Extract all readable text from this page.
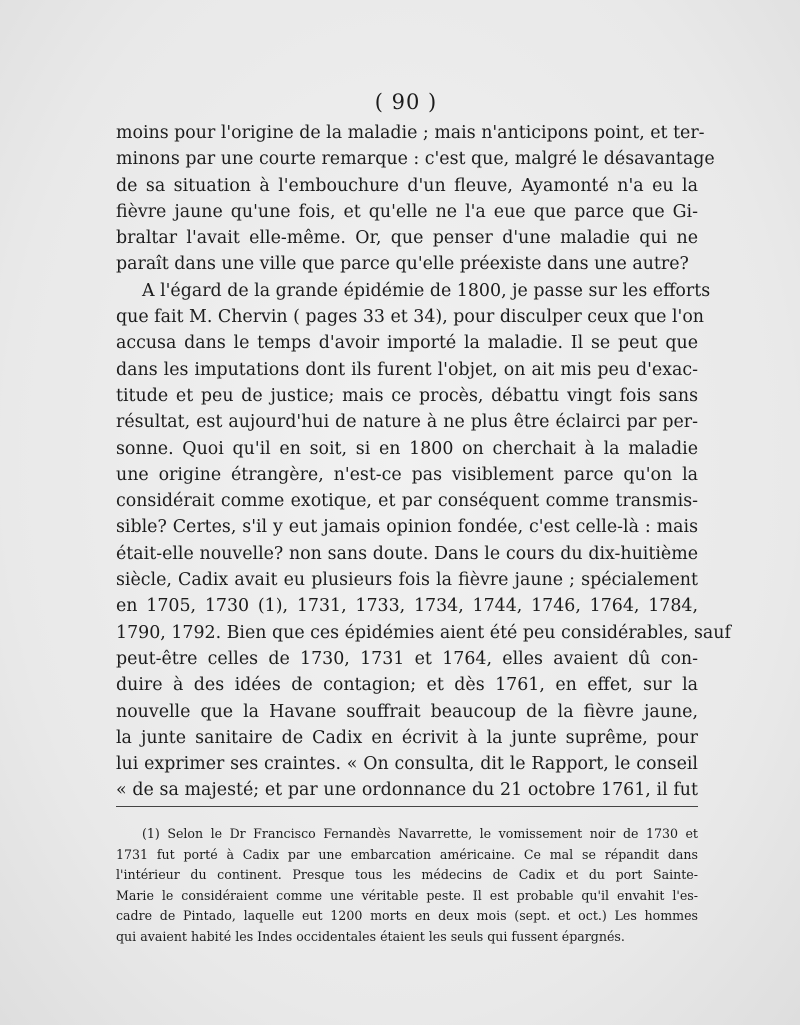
( 90 )
moins pour l'origine de la maladie ; mais n'anticipons point, et ter-
minons par une courte remarque : c'est que, malgré le désavantage
de sa situation à l'embouchure d'un fleuve, Ayamonté n'a eu la
fièvre jaune qu'une fois, et qu'elle ne l'a eue que parce que Gi-
braltar l'avait elle-même. Or, que penser d'une maladie qui ne
paraît dans une ville que parce qu'elle préexiste dans une autre?
A l'égard de la grande épidémie de 1800, je passe sur les efforts
que fait M. Chervin ( pages 33 et 34), pour disculper ceux que l'on
accusa dans le temps d'avoir importé la maladie. Il se peut que
dans les imputations dont ils furent l'objet, on ait mis peu d'exac-
titude et peu de justice; mais ce procès, débattu vingt fois sans
résultat, est aujourd'hui de nature à ne plus être éclairci par per-
sonne. Quoi qu'il en soit, si en 1800 on cherchait à la maladie
une origine étrangère, n'est-ce pas visiblement parce qu'on la
considérait comme exotique, et par conséquent comme transmis-
sible? Certes, s'il y eut jamais opinion fondée, c'est celle-là : mais
était-elle nouvelle? non sans doute. Dans le cours du dix-huitième
siècle, Cadix avait eu plusieurs fois la fièvre jaune ; spécialement
en 1705, 1730 (1), 1731, 1733, 1734, 1744, 1746, 1764, 1784,
1790, 1792. Bien que ces épidémies aient été peu considérables, sauf
peut-être celles de 1730, 1731 et 1764, elles avaient dû con-
duire à des idées de contagion; et dès 1761, en effet, sur la
nouvelle que la Havane souffrait beaucoup de la fièvre jaune,
la junte sanitaire de Cadix en écrivit à la junte suprême, pour
lui exprimer ses craintes. « On consulta, dit le Rapport, le conseil
« de sa majesté; et par une ordonnance du 21 octobre 1761, il fut
(1) Selon le Dr Francisco Fernandès Navarrette, le vomissement noir de 1730 et
1731 fut porté à Cadix par une embarcation américaine. Ce mal se répandit dans
l'intérieur du continent. Presque tous les médecins de Cadix et du port Sainte-
Marie le considéraient comme une véritable peste. Il est probable qu'il envahit l'es-
cadre de Pintado, laquelle eut 1200 morts en deux mois (sept. et oct.) Les hommes
qui avaient habité les Indes occidentales étaient les seuls qui fussent épargnés.
